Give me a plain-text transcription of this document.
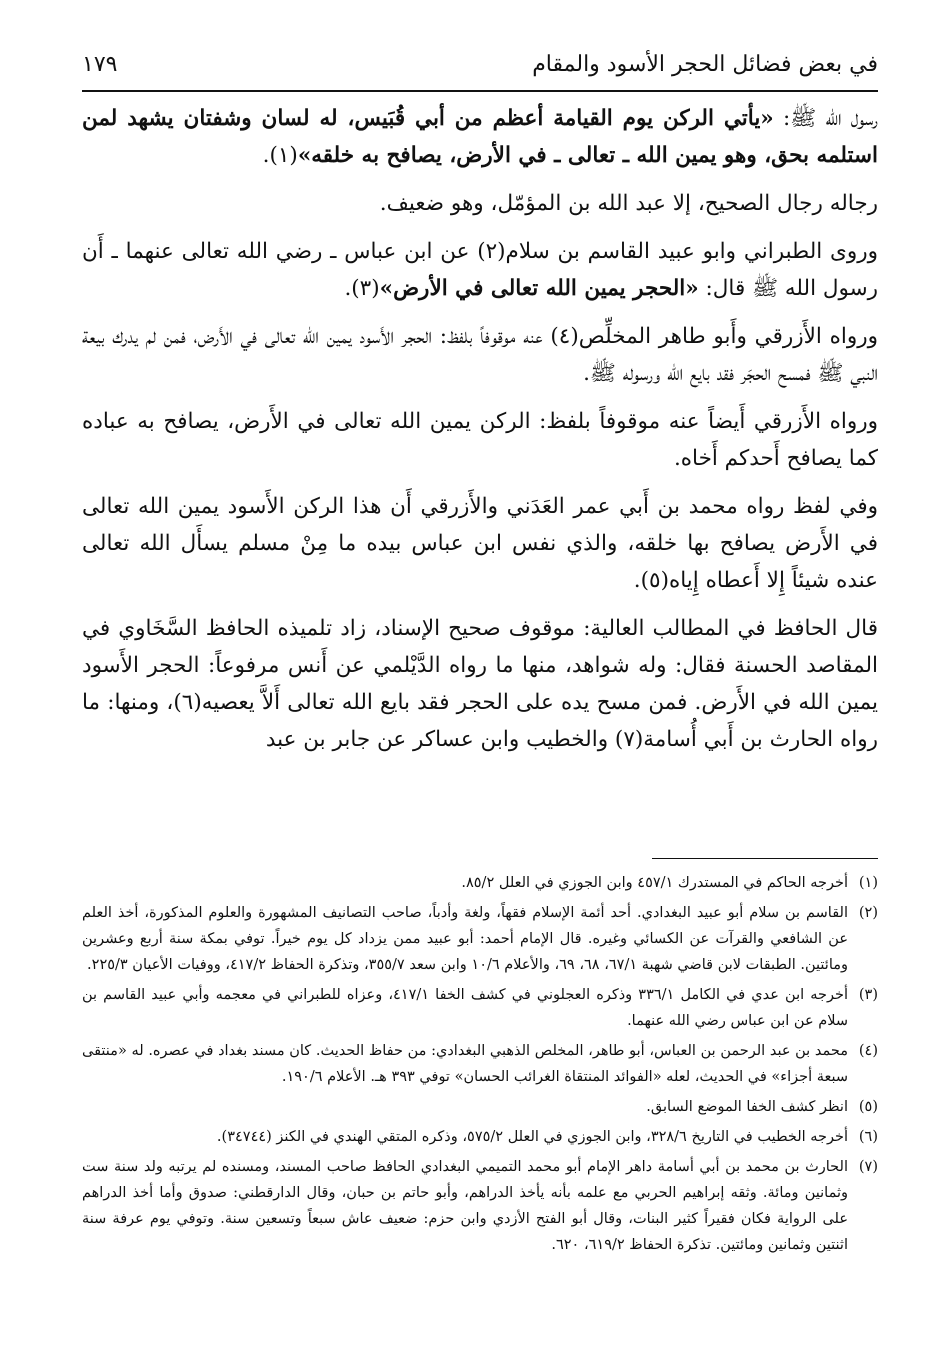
في بعض فضائل الحجر الأسود والمقام
١٧٩

رسول الله ﷺ: «يأتي الركن يوم القيامة أعظم من أبي قُبَيس، له لسان وشفتان يشهد لمن استلمه بحق، وهو يمين الله ـ تعالى ـ في الأرض، يصافح به خلقه»(١).

رجاله رجال الصحيح، إلا عبد الله بن المؤمّل، وهو ضعيف.

وروى الطبراني وابو عبيد القاسم بن سلام(٢) عن ابن عباس ـ رضي الله تعالى عنهما ـ أَن رسول الله ﷺ قال: «الحجر يمين الله تعالى في الأرض»(٣).

ورواه الأَزرقي وأَبو طاهر المخلِّص(٤) عنه موقوفاً بلفظ: الحجر الأَسود يمين الله تعالى في الأَرض، فمن لم يدرك بيعة النبي ﷺ فمسح الحجَر فقد بايع الله ورسوله ﷺ.

ورواه الأَزرقي أَيضاً عنه موقوفاً بلفظ: الركن يمين الله تعالى في الأَرض، يصافح به عباده كما يصافح أَحدكم أَخاه.

وفي لفظ رواه محمد بن أَبي عمر العَدَني والأَزرقي أَن هذا الركن الأَسود يمين الله تعالى في الأَرض يصافح بها خلقه، والذي نفس ابن عباس بيده ما مِنْ مسلم يسأَل الله تعالى عنده شيئاً إِلا أَعطاه إِياه(٥).

قال الحافظ في المطالب العالية: موقوف صحيح الإسناد، زاد تلميذه الحافظ السَّخَاوي في المقاصد الحسنة فقال: وله شواهد، منها ما رواه الدَّيْلمي عن أَنس مرفوعاً: الحجر الأَسود يمين الله في الأَرض. فمن مسح يده على الحجر فقد بايع الله تعالى أَلاَّ يعصيه(٦)، ومنها: ما رواه الحارث بن أَبي أُسامة(٧) والخطيب وابن عساكر عن جابر بن عبد

(١)
أخرجه الحاكم في المستدرك ٤٥٧/١ وابن الجوزي في العلل ٨٥/٢.
(٢)
القاسم بن سلام أبو عبيد البغدادي. أحد أئمة الإسلام فقهاً، ولغة وأدباً، صاحب التصانيف المشهورة والعلوم المذكورة، أخذ العلم عن الشافعي والقرآت عن الكسائي وغيره. قال الإمام أحمد: أبو عبيد ممن يزداد كل يوم خيراً. توفي بمكة سنة أربع وعشرين ومائتين. الطبقات لابن قاضي شهبة ٦٧/١، ٦٨، ٦٩، والأعلام ١٠/٦ وابن سعد ٣٥٥/٧، وتذكرة الحفاظ ٤١٧/٢، ووفيات الأعيان ٢٢٥/٣.
(٣)
أخرجه ابن عدي في الكامل ٣٣٦/١ وذكره العجلوني في كشف الخفا ٤١٧/١، وعزاه للطبراني في معجمه وأبي عبيد القاسم بن سلام عن ابن عباس رضي الله عنهما.
(٤)
محمد بن عبد الرحمن بن العباس، أبو طاهر، المخلص الذهبي البغدادي: من حفاظ الحديث. كان مسند بغداد في عصره. له «منتقى سبعة أجزاء» في الحديث، لعله «الفوائد المنتقاة الغرائب الحسان» توفي ٣٩٣ هـ. الأعلام ١٩٠/٦.
(٥)
انظر كشف الخفا الموضع السابق.
(٦)
أخرجه الخطيب في التاريخ ٣٢٨/٦، وابن الجوزي في العلل ٥٧٥/٢، وذكره المتقي الهندي في الكنز (٣٤٧٤٤).
(٧)
الحارث بن محمد بن أبي أسامة داهر الإمام أبو محمد التميمي البغدادي الحافظ صاحب المسند، ومسنده لم يرتبه ولد سنة ست وثمانين ومائة. وثقه إبراهيم الحربي مع علمه بأنه يأخذ الدراهم، وأبو حاتم بن حبان، وقال الدارقطني: صدوق وأما أخذ الدراهم على الرواية فكان فقيراً كثير البنات، وقال أبو الفتح الأزدي وابن حزم: ضعيف عاش سبعاً وتسعين سنة. وتوفي يوم عرفة سنة اثنتين وثمانين ومائتين. تذكرة الحفاظ ٦١٩/٢، ٦٢٠.
